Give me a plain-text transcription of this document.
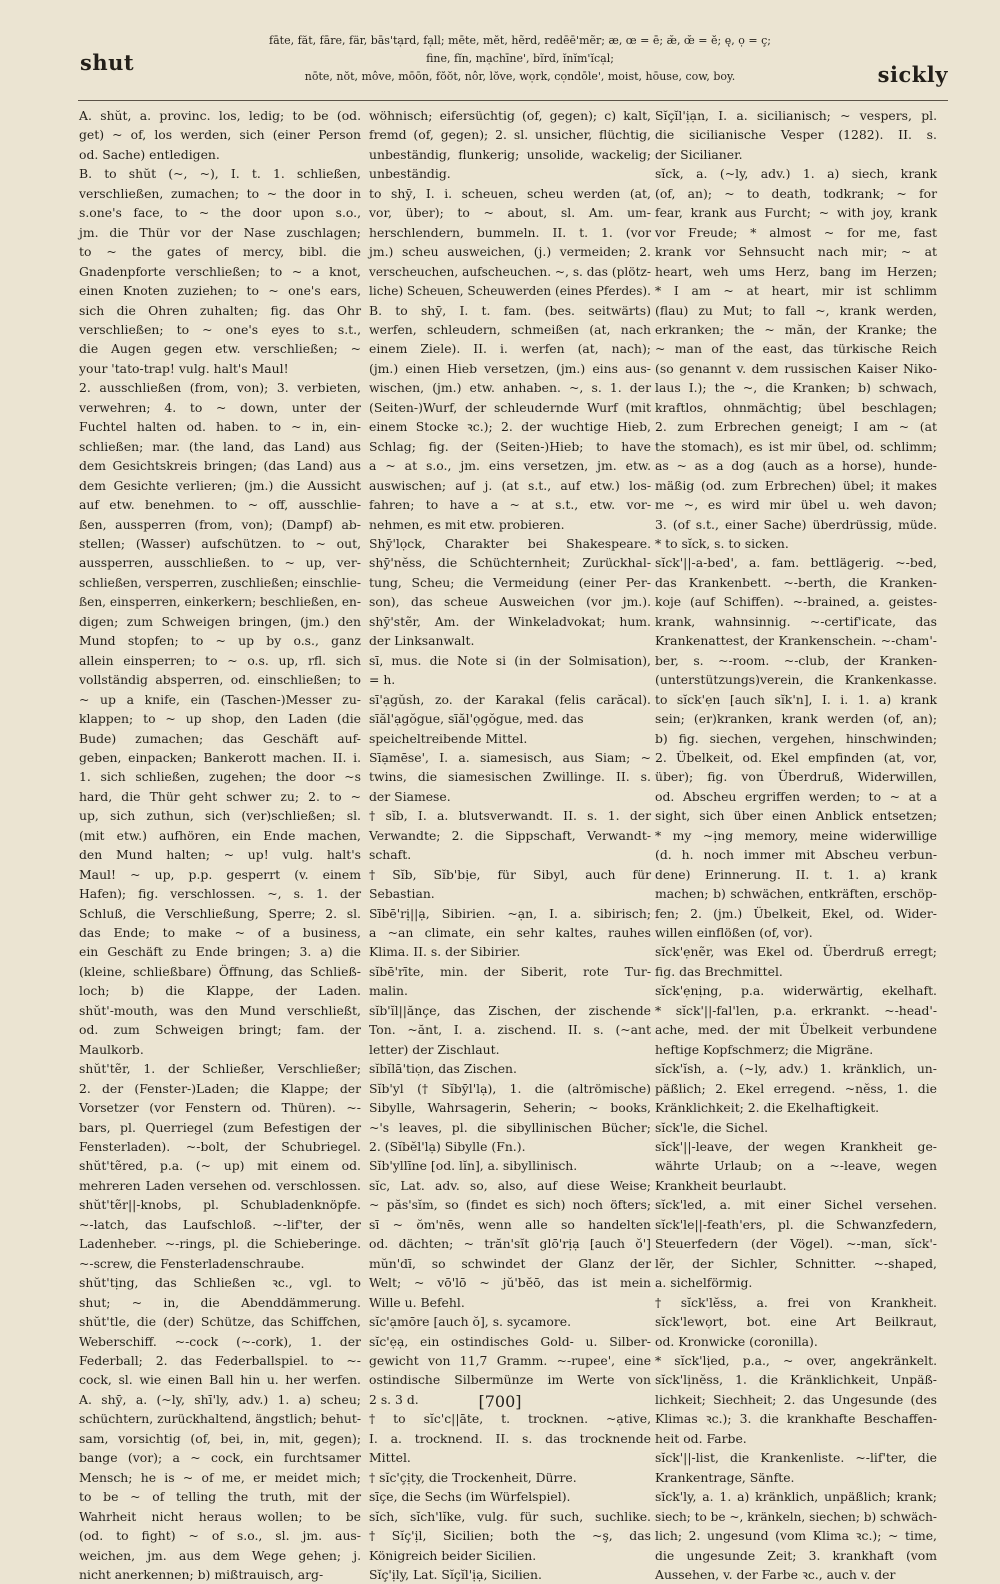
shut
fāte, făt, fāre, fär, bās'tạrd, fạll; mēte, mĕt, hẽrd, redēē'mẽr; æ, œ = ē; æ̆, œ̆ = ĕ; ę, ọ = ç;
fine, fĭn, mạchīne', bĩrd, ĭnĭm'ĭcạl;
nōte, nŏt, môve, mōōn, fŏŏt, nôr, lŏve, wọrk, cọndōle', moist, hōuse, cow, boy.	sickly

A. shŭt, a. provinc. los, ledig; to be (od.

get) ~ of, los werden, sich (einer Person

od. Sache) entledigen.

B. to shŭt (~, ~), I. t. 1. schließen,

verschließen, zumachen; to ~ the door in

s.one's face, to ~ the door upon s.o.,

jm. die Thür vor der Nase zuschlagen;

to ~ the gates of mercy, bibl. die

Gnadenpforte verschließen; to ~ a knot,

einen Knoten zuziehen; to ~ one's ears,

sich die Ohren zuhalten; fig. das Ohr

verschließen; to ~ one's eyes to s.t.,

die Augen gegen etw. verschließen; ~

your 'tato-trap! vulg. halt's Maul!

2. ausschließen (from, von); 3. verbieten,

verwehren; 4. to ~ down, unter der

Fuchtel halten od. haben. to ~ in, ein-

schließen; mar. (the land, das Land) aus

dem Gesichtskreis bringen; (das Land) aus

dem Gesichte verlieren; (jm.) die Aussicht

auf etw. benehmen. to ~ off, ausschlie-

ßen, aussperren (from, von); (Dampf) ab-

stellen; (Wasser) aufschützen. to ~ out,

aussperren, ausschließen. to ~ up, ver-

schließen, versperren, zuschließen; einschlie-

ßen, einsperren, einkerkern; beschließen, en-

digen; zum Schweigen bringen, (jm.) den

Mund stopfen; to ~ up by o.s., ganz

allein einsperren; to ~ o.s. up, rfl. sich

vollständig absperren, od. einschließen; to

~ up a knife, ein (Taschen-)Messer zu-

klappen; to ~ up shop, den Laden (die

Bude) zumachen; das Geschäft auf-

geben, einpacken; Bankerott machen. II. i.

1. sich schließen, zugehen; the door ~s

hard, die Thür geht schwer zu; 2. to ~

up, sich zuthun, sich (ver)schließen; sl.

(mit etw.) aufhören, ein Ende machen,

den Mund halten; ~ up! vulg. halt's

Maul! ~ up, p.p. gesperrt (v. einem

Hafen); fig. verschlossen. ~, s. 1. der

Schluß, die Verschließung, Sperre; 2. sl.

das Ende; to make ~ of a business,

ein Geschäft zu Ende bringen; 3. a) die

(kleine, schließbare) Öffnung, das Schließ-

loch; b) die Klappe, der Laden.

shŭt'-mouth, was den Mund verschließt,

od. zum Schweigen bringt; fam. der

Maulkorb.

shŭt'tẽr, 1. der Schließer, Verschließer;

2. der (Fenster-)Laden; die Klappe; der

Vorsetzer (vor Fenstern od. Thüren). ~-

bars, pl. Querriegel (zum Befestigen der

Fensterladen). ~-bolt, der Schubriegel.

shŭt'tẽred, p.a. (~ up) mit einem od.

mehreren Laden versehen od. verschlossen.

shŭt'tẽr||-knobs, pl. Schubladenknöpfe.

~-latch, das Laufschloß. ~-lif'ter, der

Ladenheber. ~-rings, pl. die Schieberinge.

~-screw, die Fensterladenschraube.

shŭt'tịng, das Schließen ꝛc., vgl. to

shut; ~ in, die Abenddämmerung.

shŭt'tle, die (der) Schütze, das Schiffchen,

Weberschiff. ~-cock (~-cork), 1. der

Federball; 2. das Federballspiel. to ~-

cock, sl. wie einen Ball hin u. her werfen.

A. shȳ, a. (~ly, shī'ly, adv.) 1. a) scheu;

schüchtern, zurückhaltend, ängstlich; behut-

sam, vorsichtig (of, bei, in, mit, gegen);

bange (vor); a ~ cock, ein furchtsamer

Mensch; he is ~ of me, er meidet mich;

to be ~ of telling the truth, mit der

Wahrheit nicht heraus wollen; to be

(od. to fight) ~ of s.o., sl. jm. aus-

weichen, jm. aus dem Wege gehen; j.

nicht anerkennen; b) mißtrauisch, arg-

wöhnisch; eifersüchtig (of, gegen); c) kalt,

fremd (of, gegen); 2. sl. unsicher, flüchtig,

unbeständig, flunkerig; unsolide, wackelig;

unbeständig.

to shȳ, I. i. scheuen, scheu werden (at,

vor, über); to ~ about, sl. Am. um-

herschlendern, bummeln. II. t. 1. (vor

jm.) scheu ausweichen, (j.) vermeiden; 2.

verscheuchen, aufscheuchen. ~, s. das (plötz-

liche) Scheuen, Scheuwerden (eines Pferdes).

B. to shȳ, I. t. fam. (bes. seitwärts)

werfen, schleudern, schmeißen (at, nach

einem Ziele). II. i. werfen (at, nach);

(jm.) einen Hieb versetzen, (jm.) eins aus-

wischen, (jm.) etw. anhaben. ~, s. 1. der

(Seiten-)Wurf, der schleudernde Wurf (mit

einem Stocke ꝛc.); 2. der wuchtige Hieb,

Schlag; fig. der (Seiten-)Hieb; to have

a ~ at s.o., jm. eins versetzen, jm. etw.

auswischen; auf j. (at s.t., auf etw.) los-

fahren; to have a ~ at s.t., etw. vor-

nehmen, es mit etw. probieren.

Shȳ'lọck, Charakter bei Shakespeare.

shȳ'nĕss, die Schüchternheit; Zurückhal-

tung, Scheu; die Vermeidung (einer Per-

son), das scheue Ausweichen (vor jm.).

shȳ'stẽr, Am. der Winkeladvokat; hum.

der Linksanwalt.

sī, mus. die Note si (in der Solmisation),

= h.

sī'ạgŭsh, zo. der Karakal (felis carăcal).

sīăl'ạgŏgue, sīăl'ọgŏgue, med. das

speicheltreibende Mittel.

Sīạmēse', I. a. siamesisch, aus Siam; ~

twins, die siamesischen Zwillinge. II. s.

der Siamese.

† sĭb, I. a. blutsverwandt. II. s. 1. der

Verwandte; 2. die Sippschaft, Verwandt-

schaft.

† Sĭb, Sĭb'bịe, für Sibyl, auch für

Sebastian.

Sībē'rị||ạ, Sibirien. ~ạn, I. a. sibirisch;

a ~an climate, ein sehr kaltes, rauhes

Klima. II. s. der Sibirier.

sĭbē'rīte, min. der Siberit, rote Tur-

malin.

sĭb'ĭl||ănçe, das Zischen, der zischende

Ton. ~ănt, I. a. zischend. II. s. (~ant

letter) der Zischlaut.

sĭbĭlā'tiọn, das Zischen.

Sĭb'yl († Sĭbȳl'lạ), 1. die (altrömische)

Sibylle, Wahrsagerin, Seherin; ~ books,

~'s leaves, pl. die sibyllinischen Bücher;

2. (Sĭbĕl'lạ) Sibylle (Fn.).

Sĭb'yllīne [od. lĭn], a. sibyllinisch.

sĭc, Lat. adv. so, also, auf diese Weise;

~ păs'sĭm, so (findet es sich) noch öfters;

sī ~ ŏm'nēs, wenn alle so handelten

od. dächten; ~ trăn'sĭt glō'rịạ [auch ŏ']

mŭn'dī, so schwindet der Glanz der

Welt; ~ vō'lō ~ jŭ'bĕō, das ist mein

Wille u. Befehl.

sĭc'ạmōre [auch ŏ], s. sycamore.

sĭc'ẹạ, ein ostindisches Gold- u. Silber-

gewicht von 11,7 Gramm. ~-rupee', eine

ostindische Silbermünze im Werte von

2 s. 3 d.

† to sĭc'c||āte, t. trocknen. ~ạtive,

I. a. trocknend. II. s. das trocknende

Mittel.

† sĭc'çịty, die Trockenheit, Dürre.

sīçe, die Sechs (im Würfelspiel).

sĭch, sĭch'lĭke, vulg. für such, suchlike.

† Sĭç'ịl, Sicilien; both the ~ş, das

Königreich beider Sicilien.

Sĭç'ịly, Lat. Sĭçĭl'ịạ, Sicilien.

Sĭçĭl'ịạn, I. a. sicilianisch; ~ vespers, pl.

die sicilianische Vesper (1282). II. s.

der Sicilianer.

sĭck, a. (~ly, adv.) 1. a) siech, krank

(of, an); ~ to death, todkrank; ~ for

fear, krank aus Furcht; ~ with joy, krank

vor Freude; * almost ~ for me, fast

krank vor Sehnsucht nach mir; ~ at

heart, weh ums Herz, bang im Herzen;

* I am ~ at heart, mir ist schlimm

(flau) zu Mut; to fall ~, krank werden,

erkranken; the ~ măn, der Kranke; the

~ man of the east, das türkische Reich

(so genannt v. dem russischen Kaiser Niko-

laus I.); the ~, die Kranken; b) schwach,

kraftlos, ohnmächtig; übel beschlagen;

2. zum Erbrechen geneigt; I am ~ (at

the stomach), es ist mir übel, od. schlimm;

as ~ as a dog (auch as a horse), hunde-

mäßig (od. zum Erbrechen) übel; it makes

me ~, es wird mir übel u. weh davon;

3. (of s.t., einer Sache) überdrüssig, müde.

* to sĭck, s. to sicken.

sĭck'||-a-bed', a. fam. bettlägerig. ~-bed,

das Krankenbett. ~-berth, die Kranken-

koje (auf Schiffen). ~-brained, a. geistes-

krank, wahnsinnig. ~-certif'icate, das

Krankenattest, der Krankenschein. ~-cham'-

ber, s. ~-room. ~-club, der Kranken-

(unterstützungs)verein, die Krankenkasse.

to sĭck'ẹn [auch sĭk'n], I. i. 1. a) krank

sein; (er)kranken, krank werden (of, an);

b) fig. siechen, vergehen, hinschwinden;

2. Übelkeit, od. Ekel empfinden (at, vor,

über); fig. von Überdruß, Widerwillen,

od. Abscheu ergriffen werden; to ~ at a

sight, sich über einen Anblick entsetzen;

* my ~ịng memory, meine widerwillige

(d. h. noch immer mit Abscheu verbun-

dene) Erinnerung. II. t. 1. a) krank

machen; b) schwächen, entkräften, erschöp-

fen; 2. (jm.) Übelkeit, Ekel, od. Wider-

willen einflößen (of, vor).

sĭck'ẹnẽr, was Ekel od. Überdruß erregt;

fig. das Brechmittel.

sĭck'ẹnịng, p.a. widerwärtig, ekelhaft.

* sĭck'||-fal'len, p.a. erkrankt. ~-head'-

ache, med. der mit Übelkeit verbundene

heftige Kopfschmerz; die Migräne.

sĭck'ĭsh, a. (~ly, adv.) 1. kränklich, un-

päßlich; 2. Ekel erregend. ~nĕss, 1. die

Kränklichkeit; 2. die Ekelhaftigkeit.

sĭck'le, die Sichel.

sĭck'||-leave, der wegen Krankheit ge-

währte Urlaub; on a ~-leave, wegen

Krankheit beurlaubt.

sĭck'led, a. mit einer Sichel versehen.

sĭck'le||-feath'ers, pl. die Schwanzfedern,

Steuerfedern (der Vögel). ~-man, sĭck'-

lẽr, der Sichler, Schnitter. ~-shaped,

a. sichelförmig.

† sĭck'lĕss, a. frei von Krankheit.

sĭck'lewọrt, bot. eine Art Beilkraut,

od. Kronwicke (coronilla).

* sĭck'lịed, p.a., ~ over, angekränkelt.

sĭck'lịnĕss, 1. die Kränklichkeit, Unpäß-

lichkeit; Siechheit; 2. das Ungesunde (des

Klimas ꝛc.); 3. die krankhafte Beschaffen-

heit od. Farbe.

sĭck'||-list, die Krankenliste. ~-lif'ter, die

Krankentrage, Sänfte.

sĭck'ly, a. 1. a) kränklich, unpäßlich; krank;

siech; to be ~, kränkeln, siechen; b) schwäch-

lich; 2. ungesund (vom Klima ꝛc.); ~ time,

die ungesunde Zeit; 3. krankhaft (vom

Aussehen, v. der Farbe ꝛc., auch v. der

[700]
